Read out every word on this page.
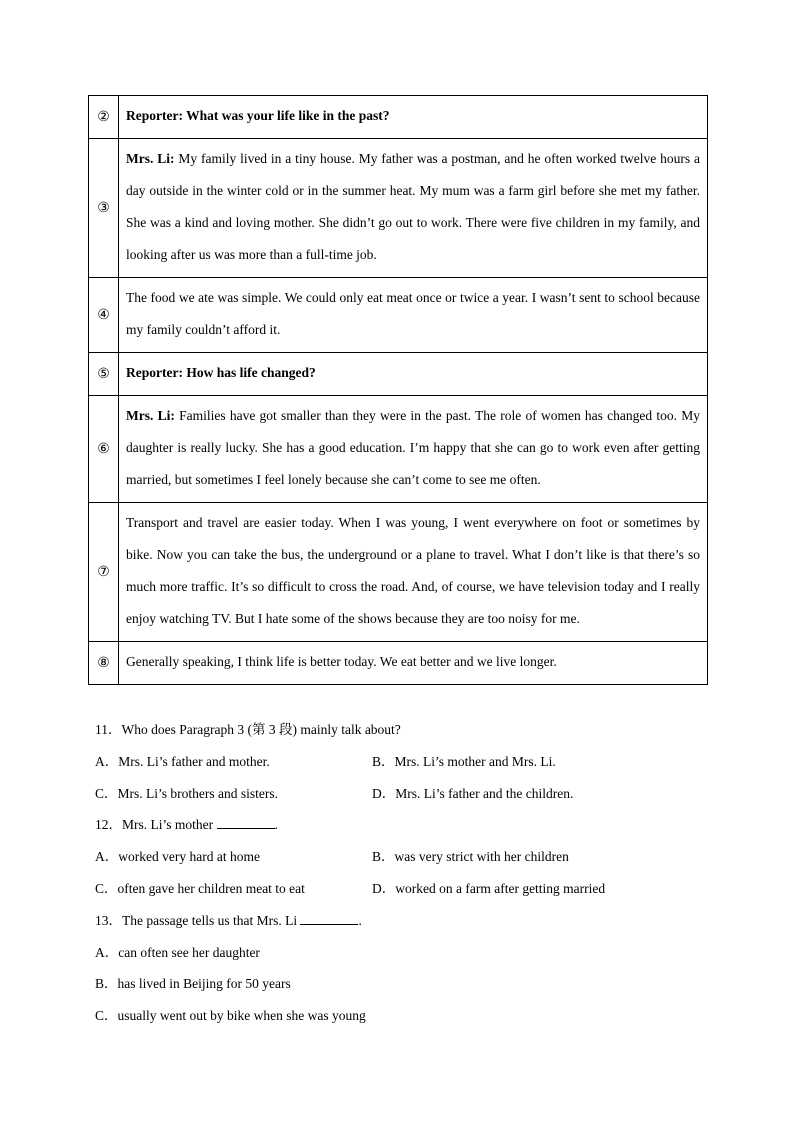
②	Reporter: What was your life like in the past?
③	Mrs. Li: My family lived in a tiny house. My father was a postman, and he often worked twelve hours a day outside in the winter cold or in the summer heat. My mum was a farm girl before she met my father. She was a kind and loving mother. She didn’t go out to work. There were five children in my family, and looking after us was more than a full-time job.
④	The food we ate was simple. We could only eat meat once or twice a year. I wasn’t sent to school because my family couldn’t afford it.
⑤	Reporter: How has life changed?
⑥	Mrs. Li: Families have got smaller than they were in the past. The role of women has changed too. My daughter is really lucky. She has a good education. I’m happy that she can go to work even after getting married, but sometimes I feel lonely because she can’t come to see me often.
⑦	Transport and travel are easier today. When I was young, I went everywhere on foot or sometimes by bike. Now you can take the bus, the underground or a plane to travel. What I don’t like is that there’s so much more traffic. It’s so difficult to cross the road. And, of course, we have television today and I really enjoy watching TV. But I hate some of the shows because they are too noisy for me.
⑧	Generally speaking, I think life is better today. We eat better and we live longer.
11．Who does Paragraph 3 (第 3 段) mainly talk about?
A．Mrs. Li’s father and mother.	B．Mrs. Li’s mother and Mrs. Li.
C．Mrs. Li’s brothers and sisters.	D．Mrs. Li’s father and the children.
12．Mrs. Li’s mother	.
A．worked very hard at home	B．was very strict with her children
C．often gave her children meat to eat	D．worked on a farm after getting married
13．The passage tells us that Mrs. Li	.
A．can often see her daughter
B．has lived in Beijing for 50 years
C．usually went out by bike when she was young
